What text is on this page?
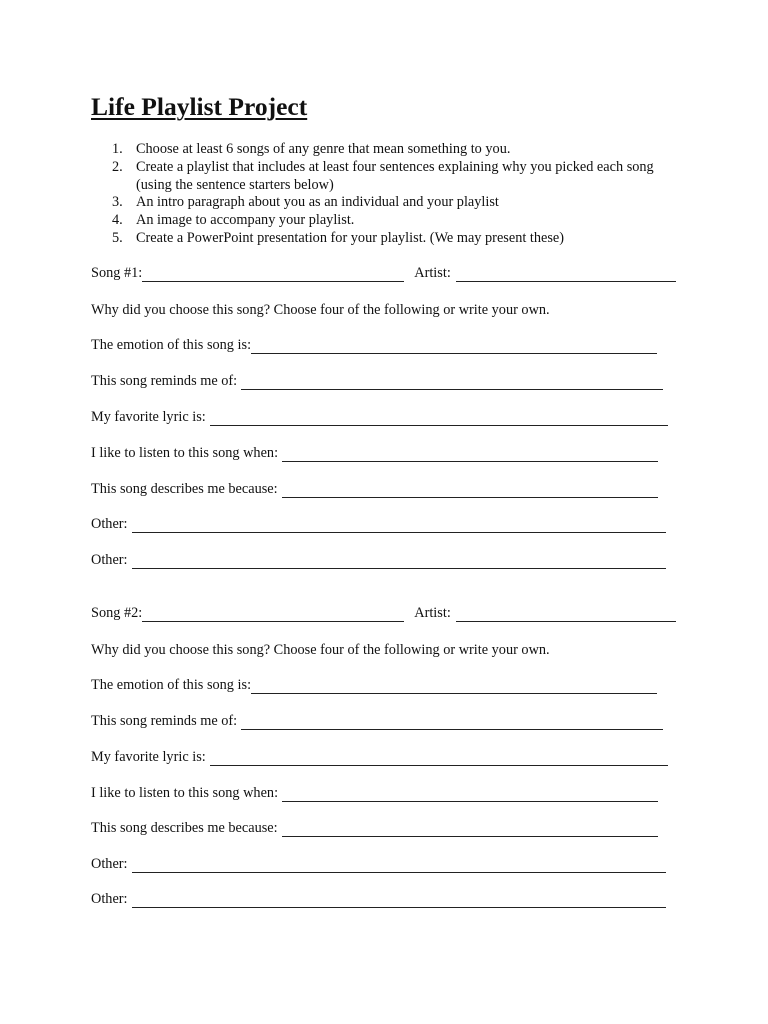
Life Playlist Project
1. Choose at least 6 songs of any genre that mean something to you.
2. Create a playlist that includes at least four sentences explaining why you picked each song (using the sentence starters below)
3. An intro paragraph about you as an individual and your playlist
4. An image to accompany your playlist.
5. Create a PowerPoint presentation for your playlist. (We may present these)
Song #1:	Artist:
Why did you choose this song? Choose four of the following or write your own.
The emotion of this song is:
This song reminds me of:
My favorite lyric is:
I like to listen to this song when:
This song describes me because:
Other:
Other:
Song #2:	Artist:
Why did you choose this song? Choose four of the following or write your own.
The emotion of this song is:
This song reminds me of:
My favorite lyric is:
I like to listen to this song when:
This song describes me because:
Other:
Other:
